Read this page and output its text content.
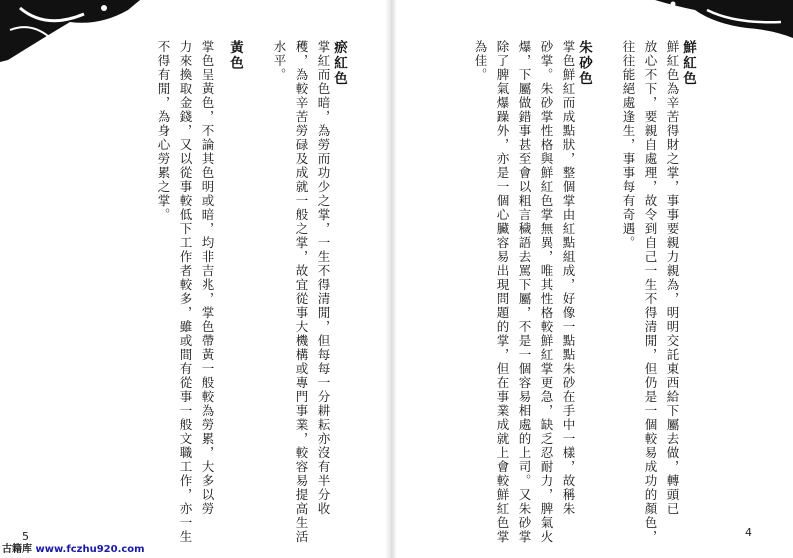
鮮紅色
鮮紅色為辛苦得財之掌，事事要親力親為，明明交託東西給下屬去做，轉頭已
放心不下，要親自處理，故令到自己一生不得清閒，但仍是一個較易成功的顏色，
往往能絕處逢生，事事每有奇遇。
朱砂色
掌色鮮紅而成點狀，整個掌由紅點組成，好像一點點朱砂在手中一樣，故稱朱
砂掌。朱砂掌性格與鮮紅色掌無異，唯其性格較鮮紅掌更急，缺乏忍耐力，脾氣火
爆，下屬做錯事甚至會以粗言穢語去罵下屬，不是一個容易相處的上司。又朱砂掌
除了脾氣爆躁外，亦是一個心臟容易出現問題的掌，但在事業成就上會較鮮紅色掌
為佳。
瘀紅色
掌紅而色暗，為勞而功少之掌，一生不得清閒，但每每一分耕耘亦沒有半分收
穫，為較辛苦勞碌及成就一般之掌，故宜從事大機構或專門事業，較容易提高生活
水平。
黃色
掌色呈黃色，不論其色明或暗，均非吉兆，掌色帶黃一般較為勞累，大多以勞
力來換取金錢，又以從事較低下工作者較多，雖或間有從事一般文職工作，亦一生
不得有閒，為身心勞累之掌。
5	4
古籍库 www.fczhu920.com
